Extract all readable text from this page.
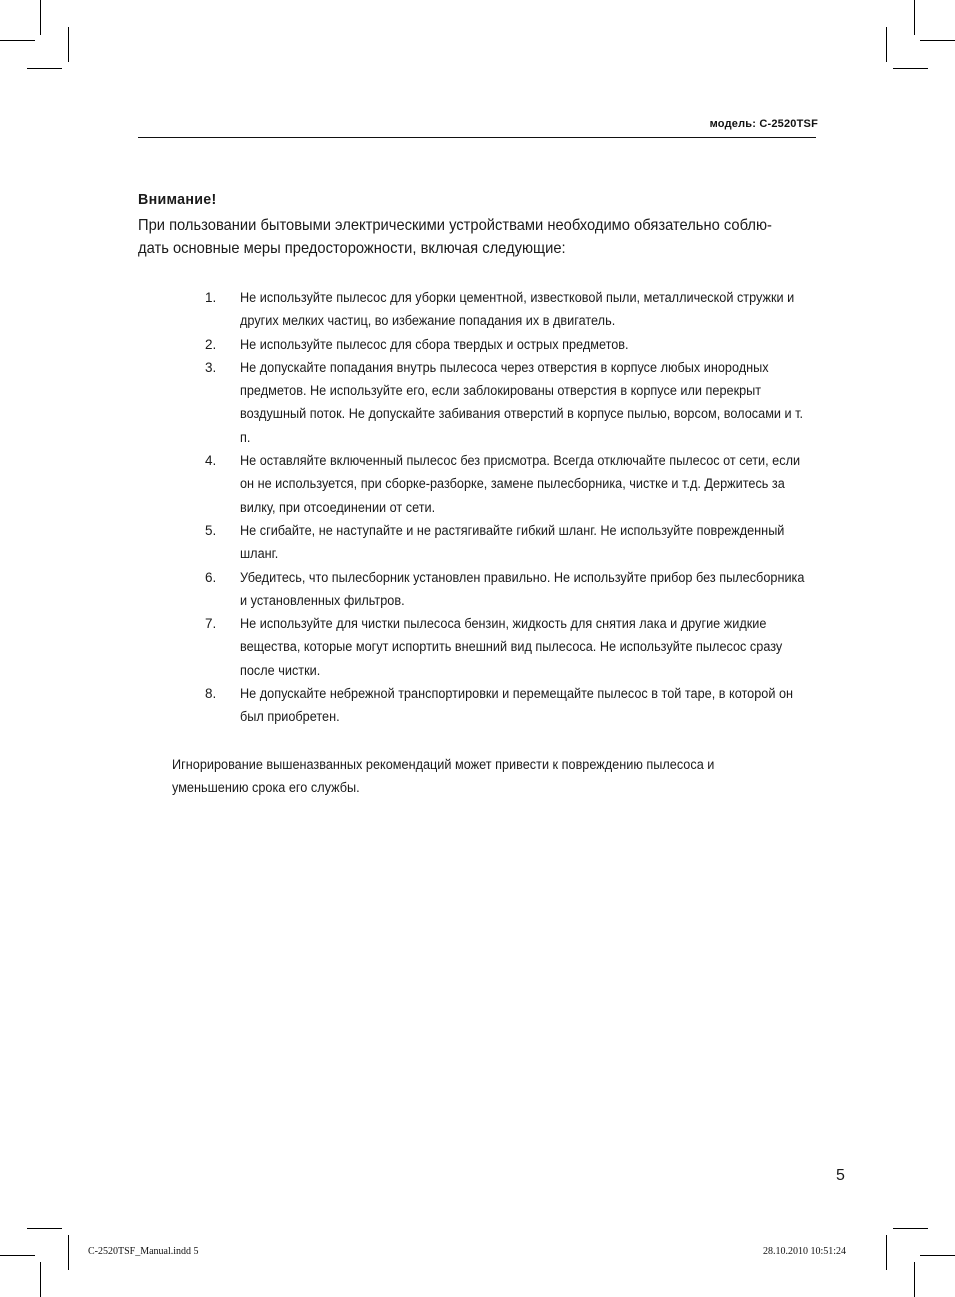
модель: C-2520TSF
Внимание!
При пользовании бытовыми электрическими устройствами необходимо обязательно соблю-дать основные меры предосторожности, включая следующие:
1.	Не используйте пылесос для уборки цементной, известковой пыли, металлической стружки и других мелких частиц, во избежание попадания их в двигатель.
2.	Не используйте пылесос для сбора твердых и острых предметов.
3.	Не допускайте попадания внутрь пылесоса через отверстия в корпусе любых инородных предметов. Не используйте его, если заблокированы отверстия в корпусе или перекрыт воздушный поток. Не допускайте забивания отверстий в корпусе пылью, ворсом, волосами и т. п.
4.	Не оставляйте включенный пылесос без присмотра. Всегда отключайте пылесос от сети, если он не используется, при сборке-разборке, замене пылесборника, чистке и т.д. Держитесь за вилку, при отсоединении от сети.
5.	Не сгибайте, не наступайте и не растягивайте гибкий шланг. Не используйте поврежденный шланг.
6.	Убедитесь, что пылесборник установлен правильно. Не используйте прибор без пылесборника и установленных фильтров.
7.	Не используйте для чистки пылесоса бензин, жидкость для снятия лака и другие жидкие вещества, которые могут испортить внешний вид пылесоса. Не используйте пылесос сразу после чистки.
8.	Не допускайте небрежной транспортировки и перемещайте пылесос в той таре, в которой он был приобретен.
Игнорирование вышеназванных рекомендаций может привести к повреждению пылесоса и уменьшению срока его службы.
5
C-2520TSF_Manual.indd 5	28.10.2010 10:51:24
